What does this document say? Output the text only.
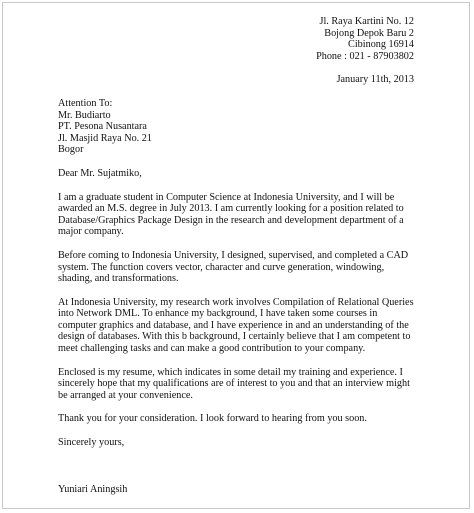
Jl. Raya Kartini No. 12
Bojong Depok Baru 2
Cibinong 16914
Phone : 021 - 87903802
January 11th, 2013
Attention To:
Mr. Budiarto
PT. Pesona Nusantara
Jl. Masjid Raya No. 21
Bogor
Dear Mr. Sujatmiko,
I am a graduate student in Computer Science at Indonesia University, and I will be awarded an M.S. degree in July 2013. I am currently looking for a position related to Database/Graphics Package Design in the research and development department of a major company.
Before coming to Indonesia University, I designed, supervised, and completed a CAD system. The function covers vector, character and curve generation, windowing, shading, and transformations.
At Indonesia University, my research work involves Compilation of Relational Queries into Network DML. To enhance my background, I have taken some courses in computer graphics and database, and I have experience in and an understanding of the design of databases. With this b background, I certainly believe that I am competent to meet challenging tasks and can make a good contribution to your company.
Enclosed is my resume, which indicates in some detail my training and experience. I sincerely hope that my qualifications are of interest to you and that an interview might be arranged at your convenience.
Thank you for your consideration. I look forward to hearing from you soon.
Sincerely yours,
Yuniari Aningsih
